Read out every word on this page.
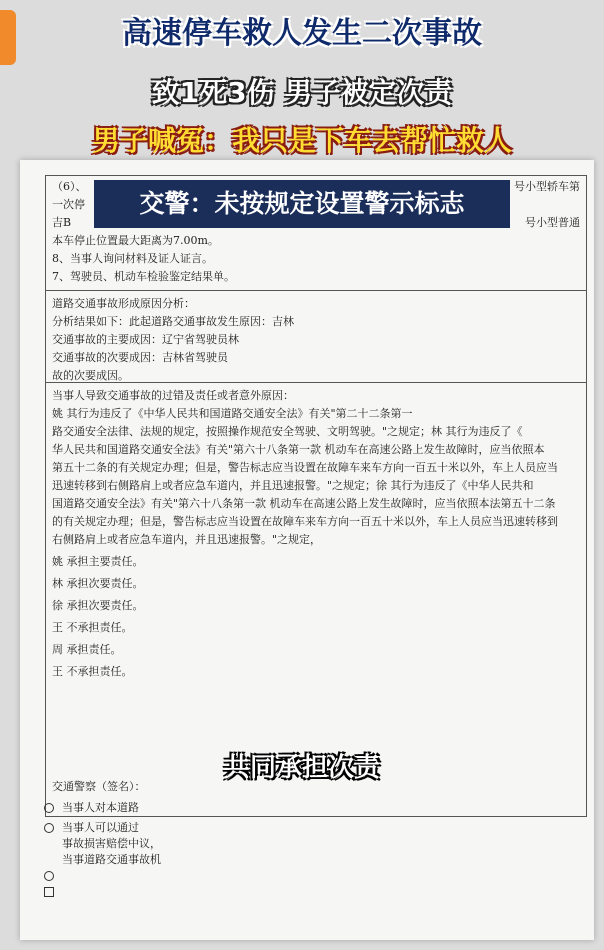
高速停车救人发生二次事故
致1死3伤 男子被定次责
男子喊冤：我只是下车去帮忙救人
（6）、
一次停
吉B
本车停止位置最大距离为7.00m。
8、当事人询问材料及证人证言。
7、驾驶员、机动车检验鉴定结果单。
号小型轿车第
号小型普通
道路交通事故形成原因分析：
分析结果如下：此起道路交通事故发生原因：吉林
交通事故的主要成因：辽宁省驾驶员林
交通事故的次要成因：吉林省驾驶员
故的次要成因。
当事人导致交通事故的过错及责任或者意外原因：
姚 其行为违反了《中华人民共和国道路交通安全法》有关"第二十二条第一
路交通安全法律、法规的规定，按照操作规范安全驾驶、文明驾驶。"之规定；林 其行为违反了《
华人民共和国道路交通安全法》有关"第六十八条第一款 机动车在高速公路上发生故障时，应当依照本
第五十二条的有关规定办理；但是，警告标志应当设置在故障车来车方向一百五十米以外，车上人员应当
迅速转移到右侧路肩上或者应急车道内，并且迅速报警。"之规定；徐 其行为违反了《中华人民共和
国道路交通安全法》有关"第六十八条第一款 机动车在高速公路上发生故障时，应当依照本法第五十二条
的有关规定办理；但是，警告标志应当设置在故障车来车方向一百五十米以外，车上人员应当迅速转移到
右侧路肩上或者应急车道内，并且迅速报警。"之规定，
姚 承担主要责任。
林 承担次要责任。
徐 承担次要责任。
王 不承担责任。
周 承担责任。
王 不承担责任。
交通警察（签名）：
交警：未按规定设置警示标志
共同承担次责
当事人对本道路
当事人可以通过
事故损害赔偿中议，
当事道路交通事故机
